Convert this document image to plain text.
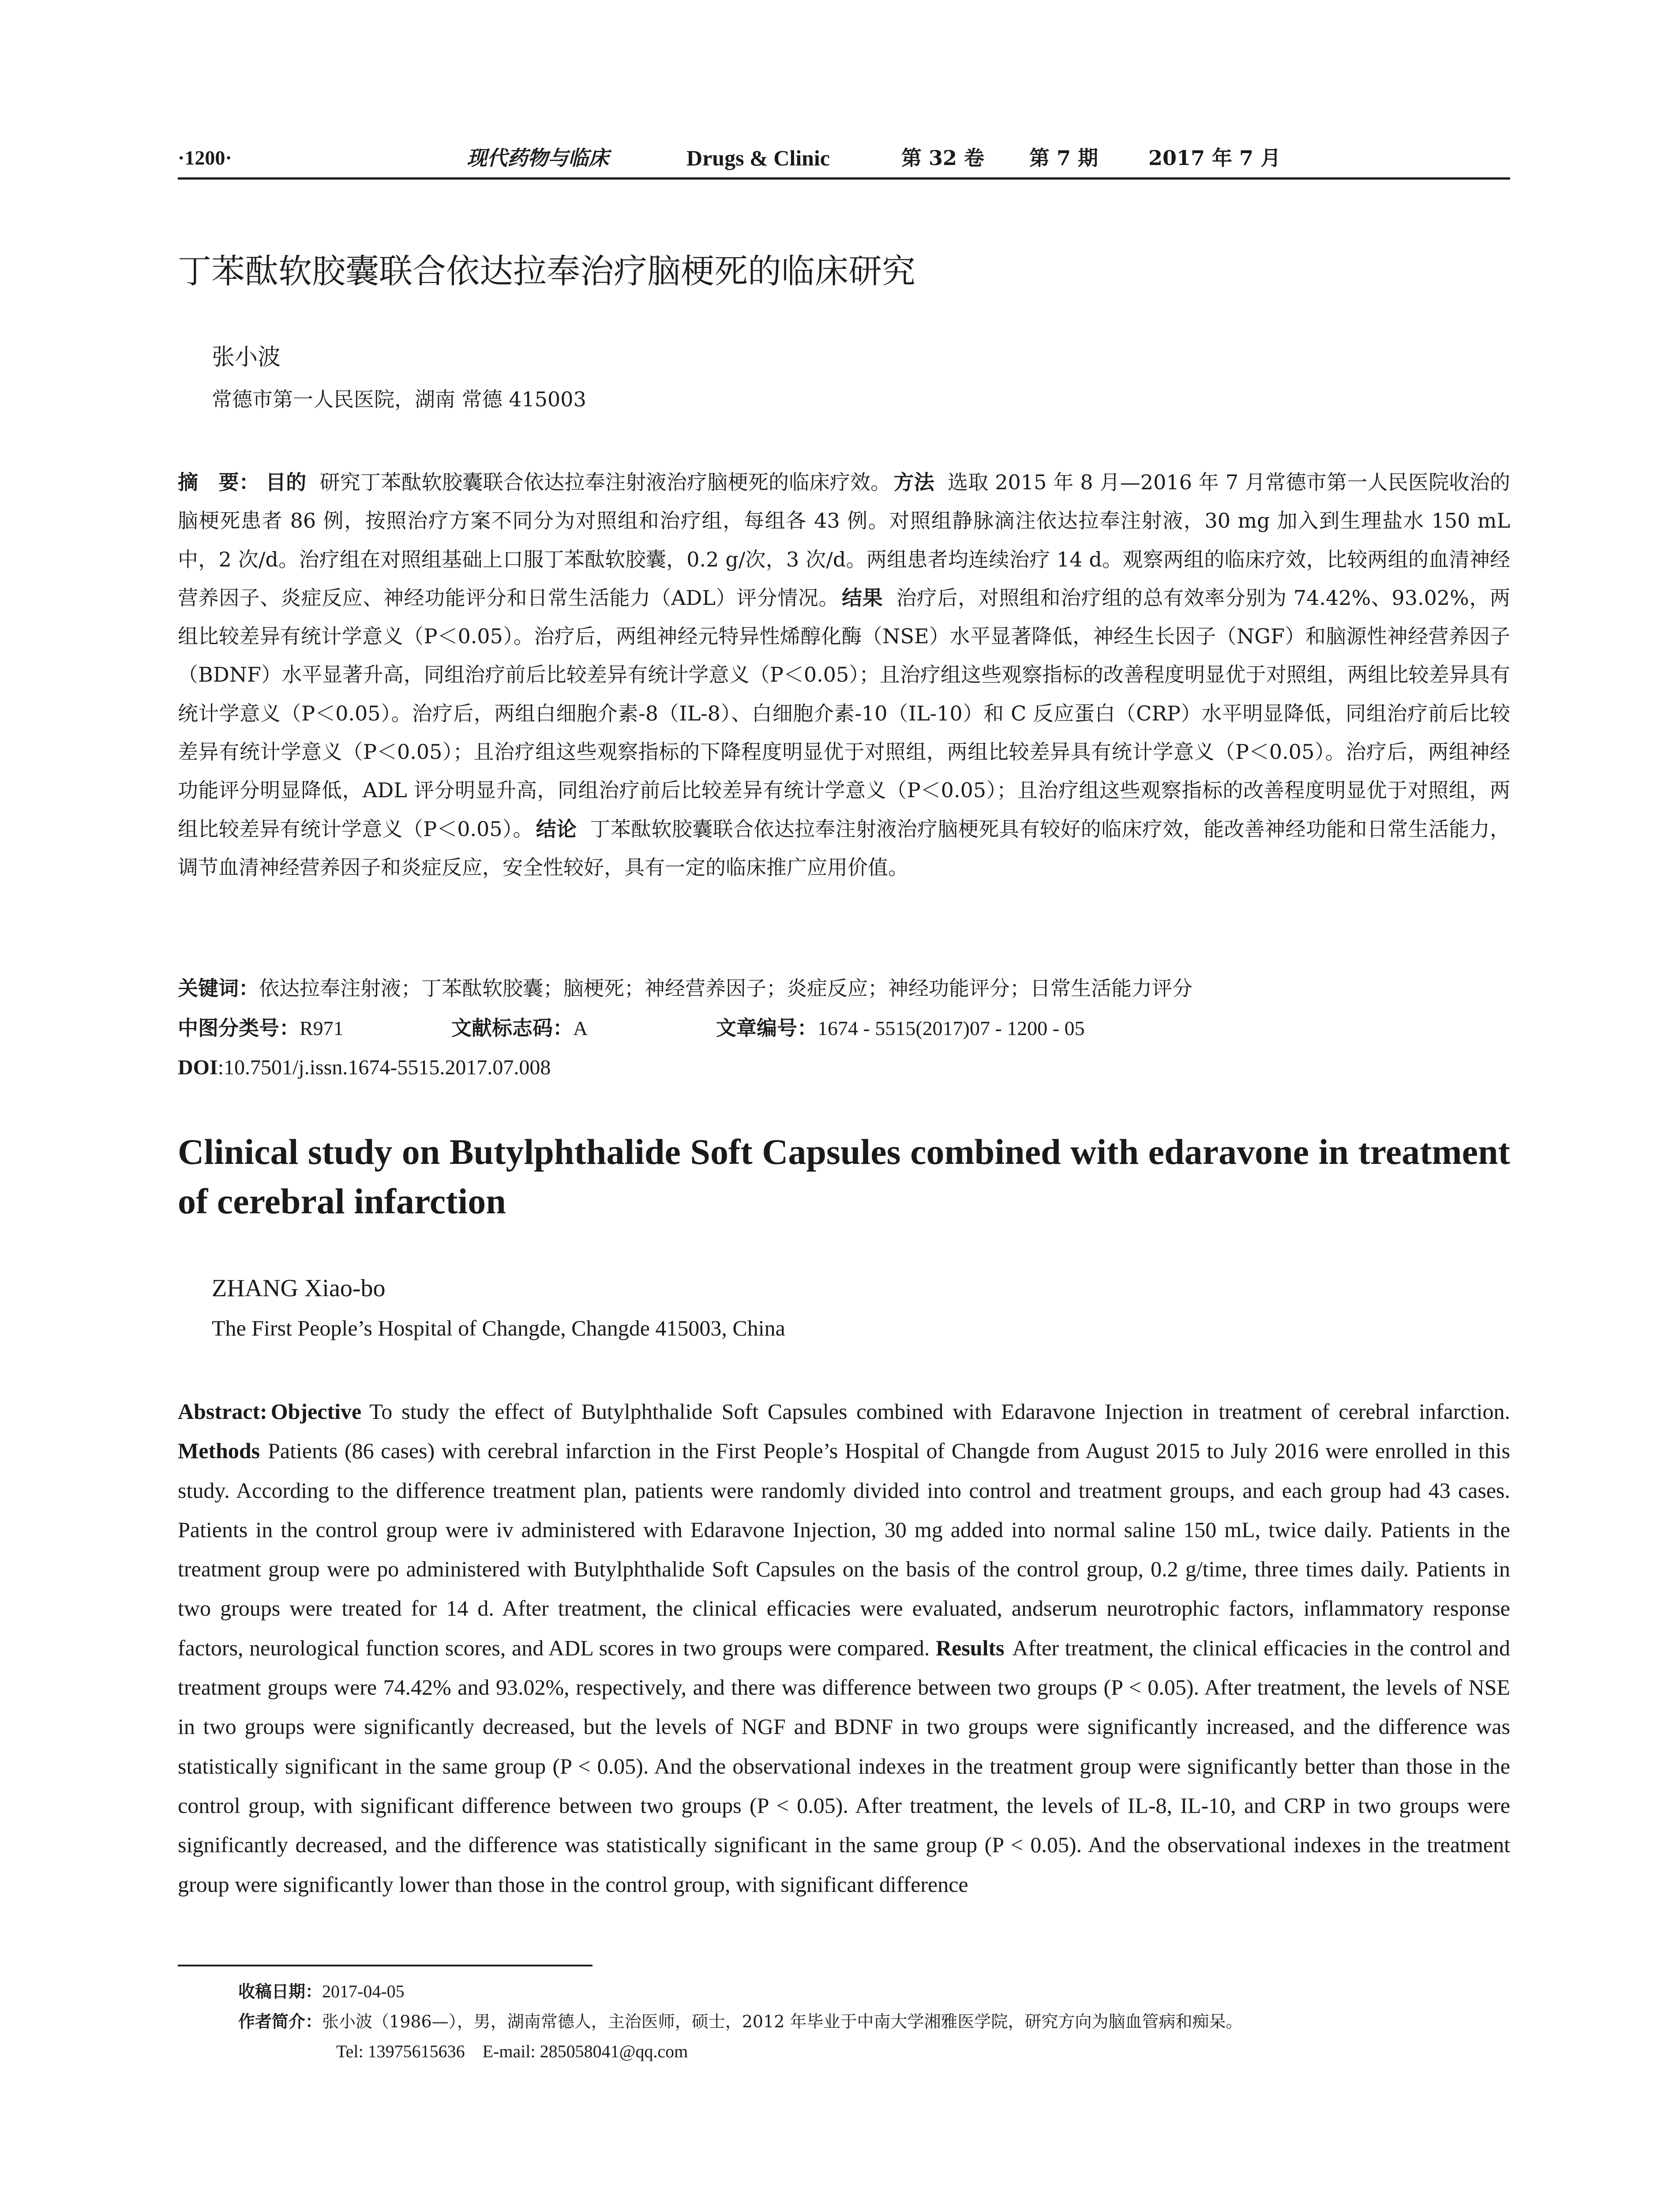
·1200·	现代药物与临床	Drugs & Clinic	第 32 卷 第 7 期 2017 年 7 月
丁苯酞软胶囊联合依达拉奉治疗脑梗死的临床研究
张小波
常德市第一人民医院，湖南 常德 415003
摘　要： 目的 研究丁苯酞软胶囊联合依达拉奉注射液治疗脑梗死的临床疗效。 方法 选取 2015 年 8 月—2016 年 7 月常德市第一人民医院收治的脑梗死患者 86 例，按照治疗方案不同分为对照组和治疗组，每组各 43 例。对照组静脉滴注依达拉奉注射液，30 mg 加入到生理盐水 150 mL 中，2 次/d。治疗组在对照组基础上口服丁苯酞软胶囊，0.2 g/次，3 次/d。两组患者均连续治疗 14 d。观察两组的临床疗效，比较两组的血清神经营养因子、炎症反应、神经功能评分和日常生活能力（ADL）评分情况。 结果 治疗后，对照组和治疗组的总有效率分别为 74.42%、93.02%，两组比较差异有统计学意义（P＜0.05）。治疗后，两组神经元特异性烯醇化酶（NSE）水平显著降低，神经生长因子（NGF）和脑源性神经营养因子（BDNF）水平显著升高，同组治疗前后比较差异有统计学意义（P＜0.05）；且治疗组这些观察指标的改善程度明显优于对照组，两组比较差异具有统计学意义（P＜0.05）。治疗后，两组白细胞介素-8（IL-8）、白细胞介素-10（IL-10）和 C 反应蛋白（CRP）水平明显降低，同组治疗前后比较差异有统计学意义（P＜0.05）；且治疗组这些观察指标的下降程度明显优于对照组，两组比较差异具有统计学意义（P＜0.05）。治疗后，两组神经功能评分明显降低，ADL 评分明显升高，同组治疗前后比较差异有统计学意义（P＜0.05）；且治疗组这些观察指标的改善程度明显优于对照组，两组比较差异有统计学意义（P＜0.05）。 结论 丁苯酞软胶囊联合依达拉奉注射液治疗脑梗死具有较好的临床疗效，能改善神经功能和日常生活能力，调节血清神经营养因子和炎症反应，安全性较好，具有一定的临床推广应用价值。
关键词：依达拉奉注射液；丁苯酞软胶囊；脑梗死；神经营养因子；炎症反应；神经功能评分；日常生活能力评分
中图分类号：R971	文献标志码：A	文章编号：1674 - 5515(2017)07 - 1200 - 05
DOI:10.7501/j.issn.1674-5515.2017.07.008
Clinical study on Butylphthalide Soft Capsules combined with edaravone in treatment of cerebral infarction
ZHANG Xiao-bo
The First People’s Hospital of Changde, Changde 415003, China
Abstract: Objective To study the effect of Butylphthalide Soft Capsules combined with Edaravone Injection in treatment of cerebral infarction. Methods Patients (86 cases) with cerebral infarction in the First People’s Hospital of Changde from August 2015 to July 2016 were enrolled in this study. According to the difference treatment plan, patients were randomly divided into control and treatment groups, and each group had 43 cases. Patients in the control group were iv administered with Edaravone Injection, 30 mg added into normal saline 150 mL, twice daily. Patients in the treatment group were po administered with Butylphthalide Soft Capsules on the basis of the control group, 0.2 g/time, three times daily. Patients in two groups were treated for 14 d. After treatment, the clinical efficacies were evaluated, andserum neurotrophic factors, inflammatory response factors, neurological function scores, and ADL scores in two groups were compared. Results After treatment, the clinical efficacies in the control and treatment groups were 74.42% and 93.02%, respectively, and there was difference between two groups (P < 0.05). After treatment, the levels of NSE in two groups were significantly decreased, but the levels of NGF and BDNF in two groups were significantly increased, and the difference was statistically significant in the same group (P < 0.05). And the observational indexes in the treatment group were significantly better than those in the control group, with significant difference between two groups (P < 0.05). After treatment, the levels of IL-8, IL-10, and CRP in two groups were significantly decreased, and the difference was statistically significant in the same group (P < 0.05). And the observational indexes in the treatment group were significantly lower than those in the control group, with significant difference
收稿日期：2017-04-05
作者简介：张小波（1986—），男，湖南常德人，主治医师，硕士，2012 年毕业于中南大学湘雅医学院，研究方向为脑血管病和痴呆。
Tel: 13975615636　E-mail: 285058041@qq.com
